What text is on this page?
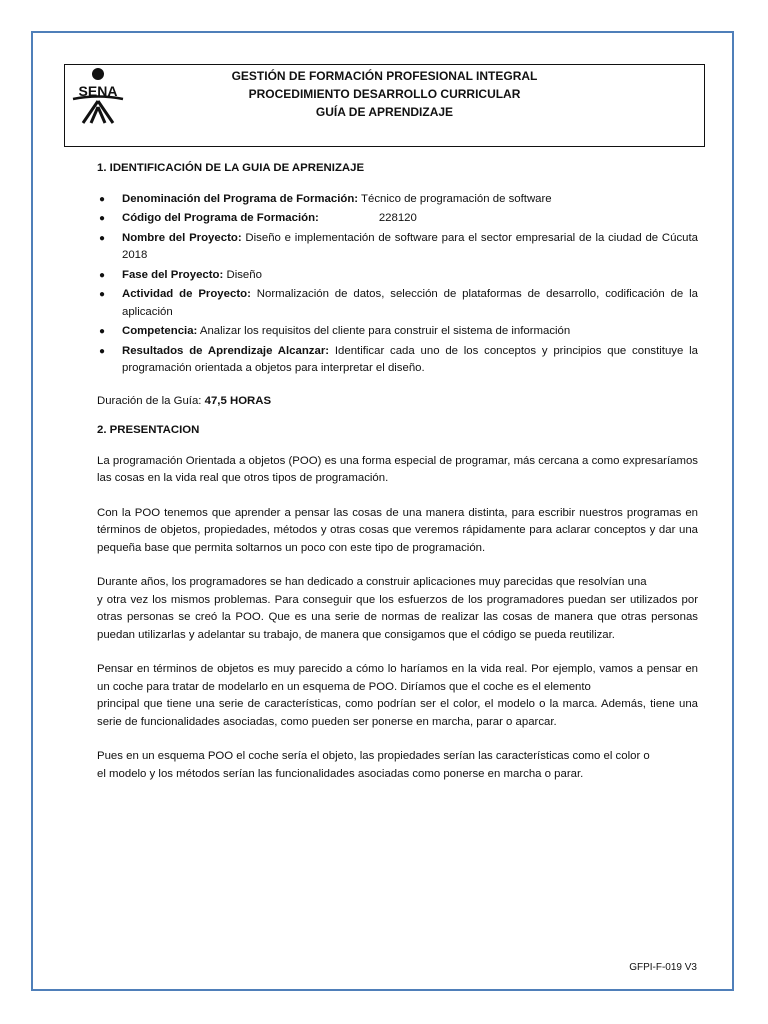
SENA
GESTIÓN DE FORMACIÓN PROFESIONAL INTEGRAL
PROCEDIMIENTO DESARROLLO CURRICULAR
GUÍA DE APRENDIZAJE
1. IDENTIFICACIÓN DE LA GUIA DE APRENIZAJE
● Denominación del Programa de Formación: Técnico de programación de software
● Código del Programa de Formación:	228120
● Nombre del Proyecto: Diseño e implementación de software para el sector empresarial de la ciudad de Cúcuta 2018
● Fase del Proyecto: Diseño
● Actividad de Proyecto: Normalización de datos, selección de plataformas de desarrollo, codificación de la aplicación
● Competencia: Analizar los requisitos del cliente para construir el sistema de información
● Resultados de Aprendizaje Alcanzar: Identificar cada uno de los conceptos y principios que constituye la programación orientada a objetos para interpretar el diseño.
Duración de la Guía: 47,5 HORAS
2. PRESENTACION
La programación Orientada a objetos (POO) es una forma especial de programar, más cercana a como expresaríamos las cosas en la vida real que otros tipos de programación.
Con la POO tenemos que aprender a pensar las cosas de una manera distinta, para escribir nuestros programas en términos de objetos, propiedades, métodos y otras cosas que veremos rápidamente para aclarar conceptos y dar una pequeña base que permita soltarnos un poco con este tipo de programación.
Durante años, los programadores se han dedicado a construir aplicaciones muy parecidas que resolvían una
y otra vez los mismos problemas. Para conseguir que los esfuerzos de los programadores puedan ser utilizados por otras personas se creó la POO. Que es una serie de normas de realizar las cosas de manera que otras personas puedan utilizarlas y adelantar su trabajo, de manera que consigamos que el código se pueda reutilizar.
Pensar en términos de objetos es muy parecido a cómo lo haríamos en la vida real. Por ejemplo, vamos a pensar en un coche para tratar de modelarlo en un esquema de POO. Diríamos que el coche es el elemento
principal que tiene una serie de características, como podrían ser el color, el modelo o la marca. Además, tiene una serie de funcionalidades asociadas, como pueden ser ponerse en marcha, parar o aparcar.
Pues en un esquema POO el coche sería el objeto, las propiedades serían las características como el color o
el modelo y los métodos serían las funcionalidades asociadas como ponerse en marcha o parar.
GFPI-F-019 V3
